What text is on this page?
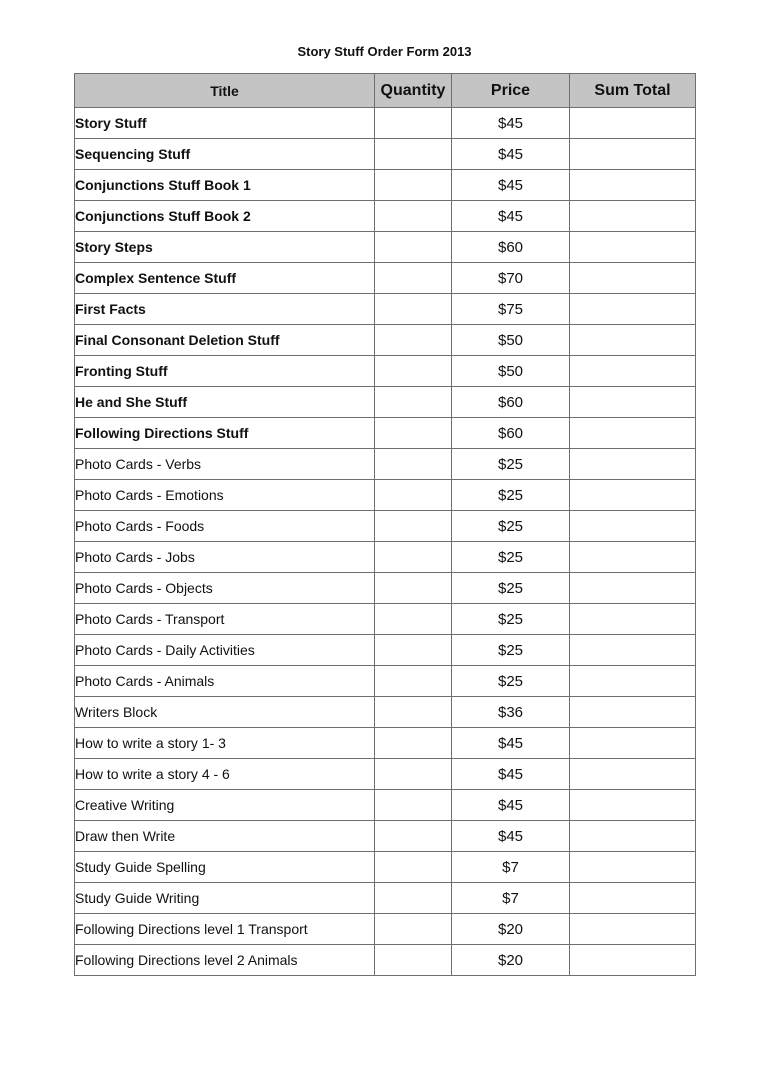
Story Stuff Order Form 2013
Title	Quantity	Price	Sum Total
Story Stuff		$45	
Sequencing Stuff		$45	
Conjunctions Stuff Book 1		$45	
Conjunctions Stuff Book 2		$45	
Story Steps		$60	
Complex Sentence Stuff		$70	
First Facts		$75	
Final Consonant Deletion Stuff		$50	
Fronting Stuff		$50	
He and She Stuff		$60	
Following Directions Stuff		$60	
Photo Cards - Verbs		$25	
Photo Cards - Emotions		$25	
Photo Cards - Foods		$25	
Photo Cards - Jobs		$25	
Photo Cards - Objects		$25	
Photo Cards - Transport		$25	
Photo Cards - Daily Activities		$25	
Photo Cards - Animals		$25	
Writers Block		$36	
How to write a story 1- 3		$45	
How to write a story 4 - 6		$45	
Creative Writing		$45	
Draw then Write		$45	
Study Guide Spelling		$7	
Study Guide Writing		$7	
Following Directions level 1 Transport		$20	
Following Directions level 2 Animals		$20	
